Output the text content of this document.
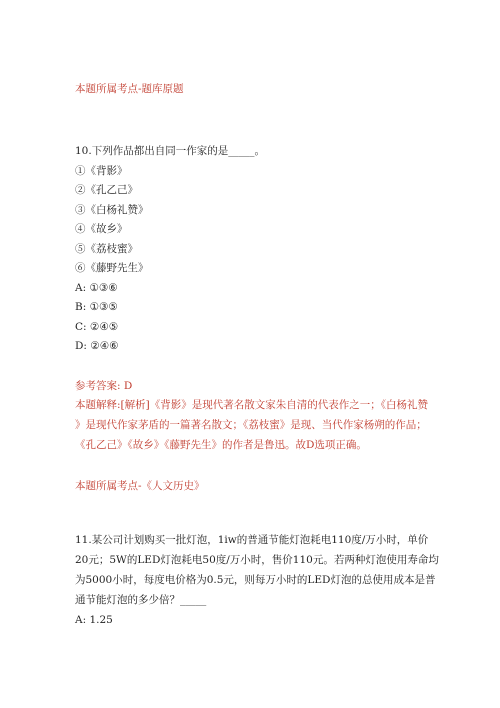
本题所属考点-题库原题
10.下列作品都出自同一作家的是_____。
①《背影》
②《孔乙己》
③《白杨礼赞》
④《故乡》
⑤《荔枝蜜》
⑥《藤野先生》
A: ①③⑥
B: ①③⑤
C: ②④⑤
D: ②④⑥
参考答案: D
本题解释:[解析]《背影》是现代著名散文家朱自清的代表作之一；《白杨礼赞
》是现代作家茅盾的一篇著名散文；《荔枝蜜》是现、当代作家杨朔的作品；
《孔乙己》《故乡》《藤野先生》的作者是鲁迅。故D选项正确。
本题所属考点-《人文历史》
11.某公司计划购买一批灯泡，1iw的普通节能灯泡耗电110度/万小时，单价
20元；5W的LED灯泡耗电50度/万小时，售价110元。若两种灯泡使用寿命均
为5000小时，每度电价格为0.5元，则每万小时的LED灯泡的总使用成本是普
通节能灯泡的多少倍？_____
A: 1.25
